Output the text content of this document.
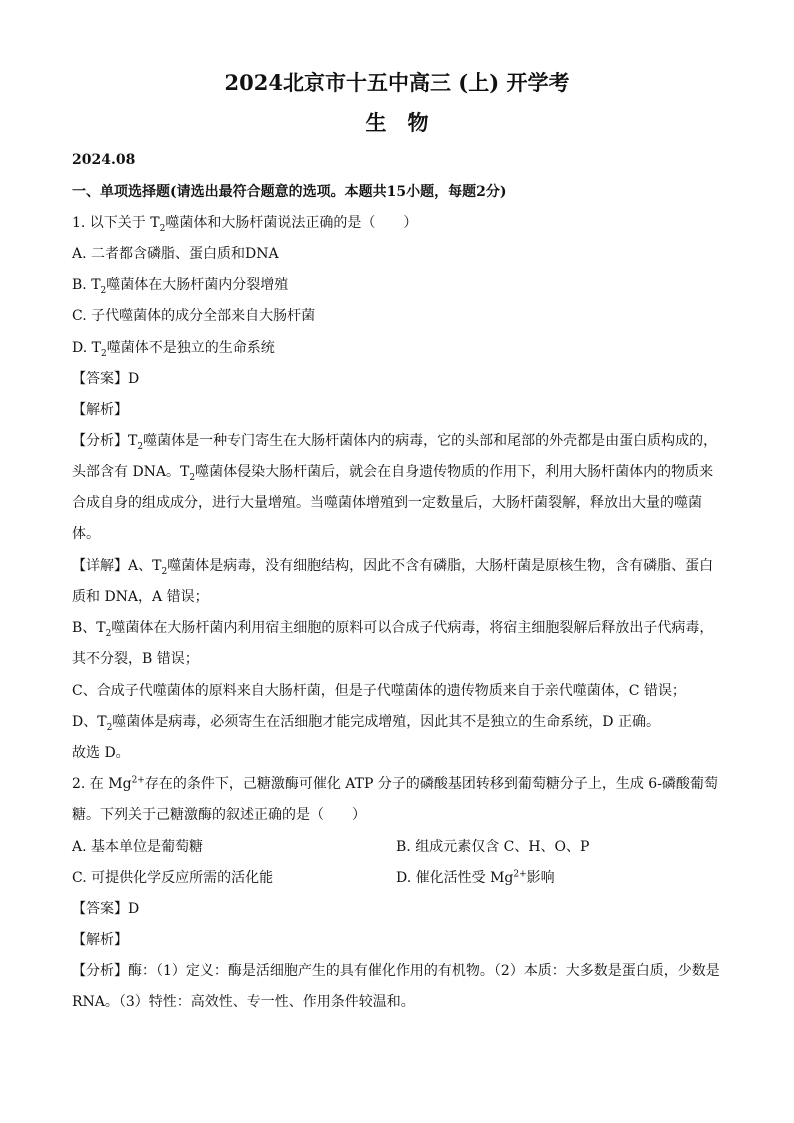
2024北京市十五中高三 (上) 开学考
生　物
2024.08
一、单项选择题(请选出最符合题意的选项。本题共15小题，每题2分)
1. 以下关于 $T_2$噬菌体和大肠杆菌说法正确的是（　　）
A. 二者都含磷脂、蛋白质和DNA
B. $T_2$噬菌体在大肠杆菌内分裂增殖
C. 子代噬菌体的成分全部来自大肠杆菌
D. $T_2$噬菌体不是独立的生命系统
【答案】D
【解析】

【分析】$T_2$噬菌体是一种专门寄生在大肠杆菌体内的病毒，它的头部和尾部的外壳都是由蛋白质构成的，头部含有 DNA。$T_2$噬菌体侵染大肠杆菌后，就会在自身遗传物质的作用下，利用大肠杆菌体内的物质来合成自身的组成成分，进行大量增殖。当噬菌体增殖到一定数量后，大肠杆菌裂解，释放出大量的噬菌体。

【详解】A、$T_2$噬菌体是病毒，没有细胞结构，因此不含有磷脂，大肠杆菌是原核生物，含有磷脂、蛋白质和 DNA，A 错误；

B、$T_2$噬菌体在大肠杆菌内利用宿主细胞的原料可以合成子代病毒，将宿主细胞裂解后释放出子代病毒，其不分裂，B 错误；

C、合成子代噬菌体的原料来自大肠杆菌，但是子代噬菌体的遗传物质来自于亲代噬菌体，C 错误；
D、$T_2$噬菌体是病毒，必须寄生在活细胞才能完成增殖，因此其不是独立的生命系统，D 正确。
故选 D。

2. 在 $Mg^{2+}$存在的条件下，己糖激酶可催化 ATP 分子的磷酸基团转移到葡萄糖分子上，生成 6-磷酸葡萄糖。下列关于己糖激酶的叙述正确的是（　　）

A. 基本单位是葡萄糖	B. 组成元素仅含 C、H、O、P
C. 可提供化学反应所需的活化能	D. 催化活性受 $Mg^{2+}$影响
【答案】D
【解析】

【分析】酶：（1）定义：酶是活细胞产生的具有催化作用的有机物。（2）本质：大多数是蛋白质，少数是 RNA。（3）特性：高效性、专一性、作用条件较温和。
